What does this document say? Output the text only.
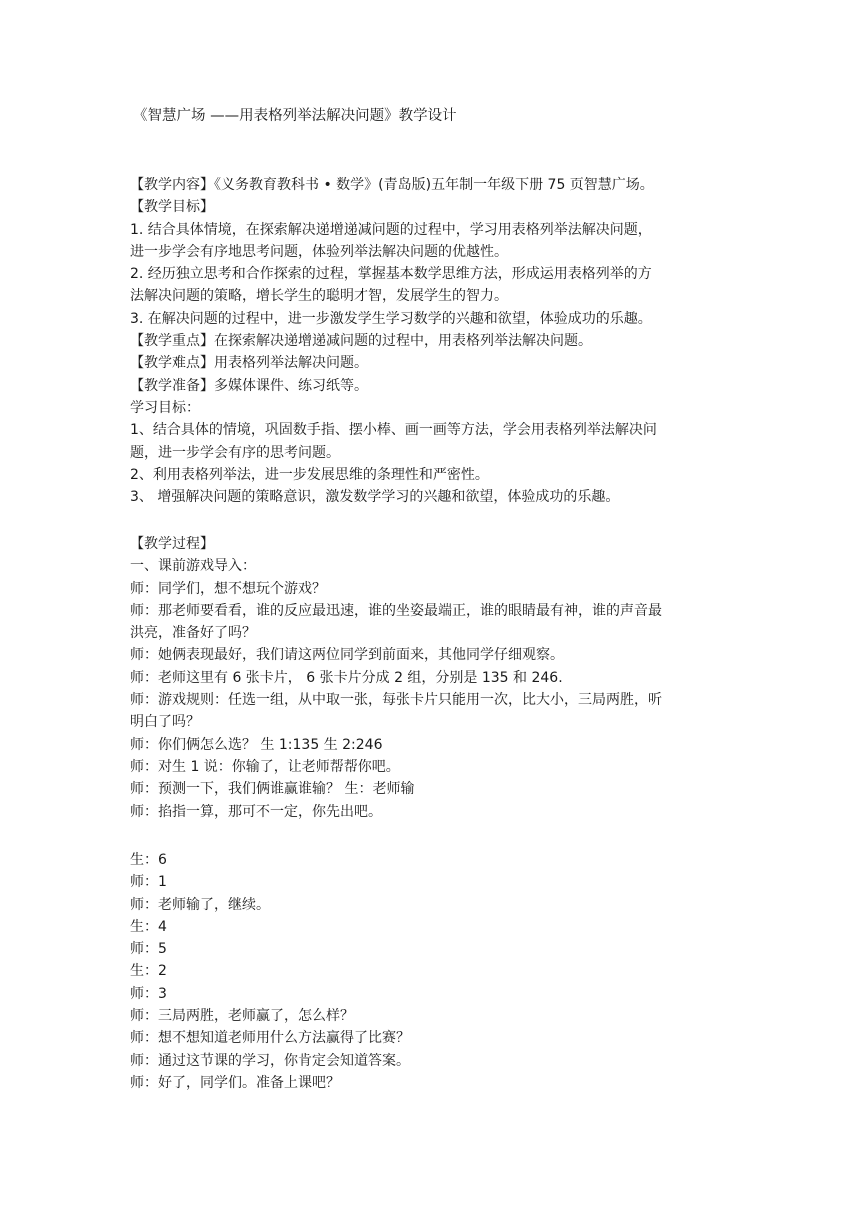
《智慧广场 ——用表格列举法解决问题》教学设计

【教学内容】《义务教育教科书 • 数学》(青岛版)五年制一年级下册 75 页智慧广场。

【教学目标】

1. 结合具体情境，在探索解决递增递减问题的过程中，学习用表格列举法解决问题，

进一步学会有序地思考问题，体验列举法解决问题的优越性。

2. 经历独立思考和合作探索的过程，掌握基本数学思维方法，形成运用表格列举的方

法解决问题的策略，增长学生的聪明才智，发展学生的智力。

3. 在解决问题的过程中，进一步激发学生学习数学的兴趣和欲望，体验成功的乐趣。

【教学重点】在探索解决递增递减问题的过程中，用表格列举法解决问题。

【教学难点】用表格列举法解决问题。

【教学准备】多媒体课件、练习纸等。

学习目标：

1、结合具体的情境，巩固数手指、摆小棒、画一画等方法，学会用表格列举法解决问

题，进一步学会有序的思考问题。

2、利用表格列举法，进一步发展思维的条理性和严密性。

3、 增强解决问题的策略意识，激发数学学习的兴趣和欲望，体验成功的乐趣。

【教学过程】

一、课前游戏导入：

师：同学们，想不想玩个游戏？

师：那老师要看看，谁的反应最迅速，谁的坐姿最端正，谁的眼睛最有神，谁的声音最

洪亮，准备好了吗？

师：她俩表现最好，我们请这两位同学到前面来，其他同学仔细观察。

师：老师这里有 6 张卡片， 6 张卡片分成 2 组，分别是 135 和 246.

师：游戏规则：任选一组，从中取一张，每张卡片只能用一次，比大小，三局两胜，听

明白了吗？

师：你们俩怎么选？ 生 1:135 生 2:246

师：对生 1 说：你输了，让老师帮帮你吧。

师：预测一下，我们俩谁赢谁输？ 生：老师输

师：掐指一算，那可不一定，你先出吧。

生：6

师：1

师：老师输了，继续。

生：4

师：5

生：2

师：3

师：三局两胜，老师赢了，怎么样？

师：想不想知道老师用什么方法赢得了比赛？

师：通过这节课的学习，你肯定会知道答案。

师：好了，同学们。准备上课吧？
